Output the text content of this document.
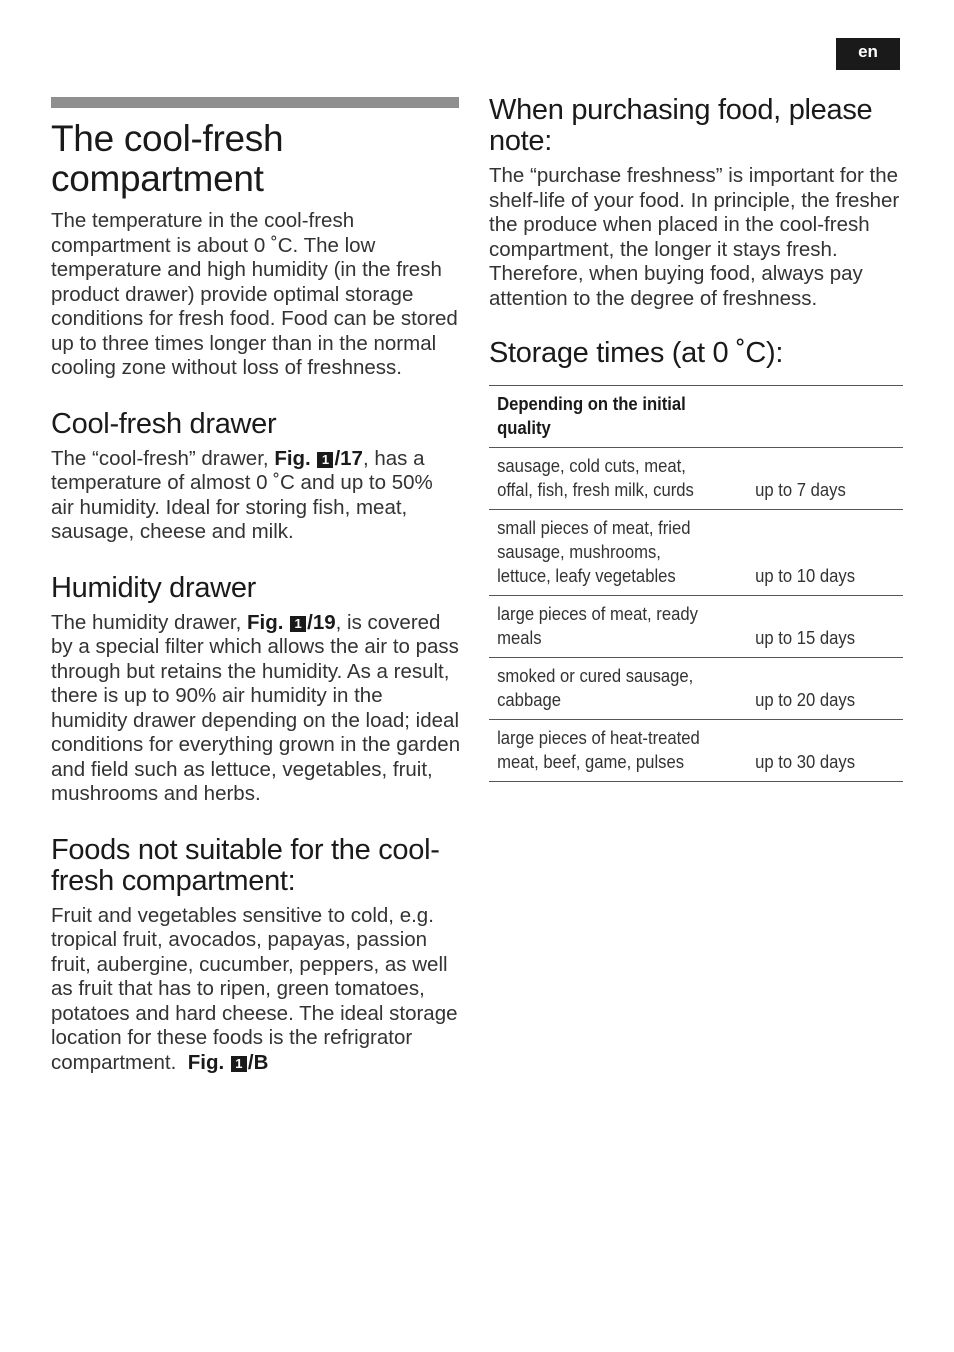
en
The cool-fresh compartment

The temperature in the cool-fresh compartment is about 0 ˚C. The low temperature and high humidity (in the fresh product drawer) provide optimal storage conditions for fresh food. Food can be stored up to three times longer than in the normal cooling zone without loss of freshness.

Cool-fresh drawer

The “cool-fresh” drawer, Fig. 1 /17, has a temperature of almost 0 ˚C and up to 50% air humidity. Ideal for storing fish, meat, sausage, cheese and milk.

Humidity drawer

The humidity drawer, Fig. 1 /19, is covered by a special filter which allows the air to pass through but retains the humidity. As a result, there is up to 90% air humidity in the humidity drawer depending on the load; ideal conditions for everything grown in the garden and field such as lettuce, vegetables, fruit, mushrooms and herbs.

Foods not suitable for the cool-fresh compartment:

Fruit and vegetables sensitive to cold, e.g. tropical fruit, avocados, papayas, passion fruit, aubergine, cucumber, peppers, as well as fruit that has to ripen, green tomatoes, potatoes and hard cheese. The ideal storage location for these foods is the refrigrator compartment. Fig. 1 /B

When purchasing food, please note:

The “purchase freshness” is important for the shelf-life of your food. In principle, the fresher the produce when placed in the cool-fresh compartment, the longer it stays fresh. Therefore, when buying food, always pay attention to the degree of freshness.

Storage times (at 0 ˚C):
Depending on the initial quality	
sausage, cold cuts, meat,
offal, fish, fresh milk, curds	up to 7 days
small pieces of meat, fried
sausage, mushrooms,
lettuce, leafy vegetables	up to 10 days
large pieces of meat, ready
meals	up to 15 days
smoked or cured sausage,
cabbage	up to 20 days
large pieces of heat-treated
meat, beef, game, pulses	up to 30 days
